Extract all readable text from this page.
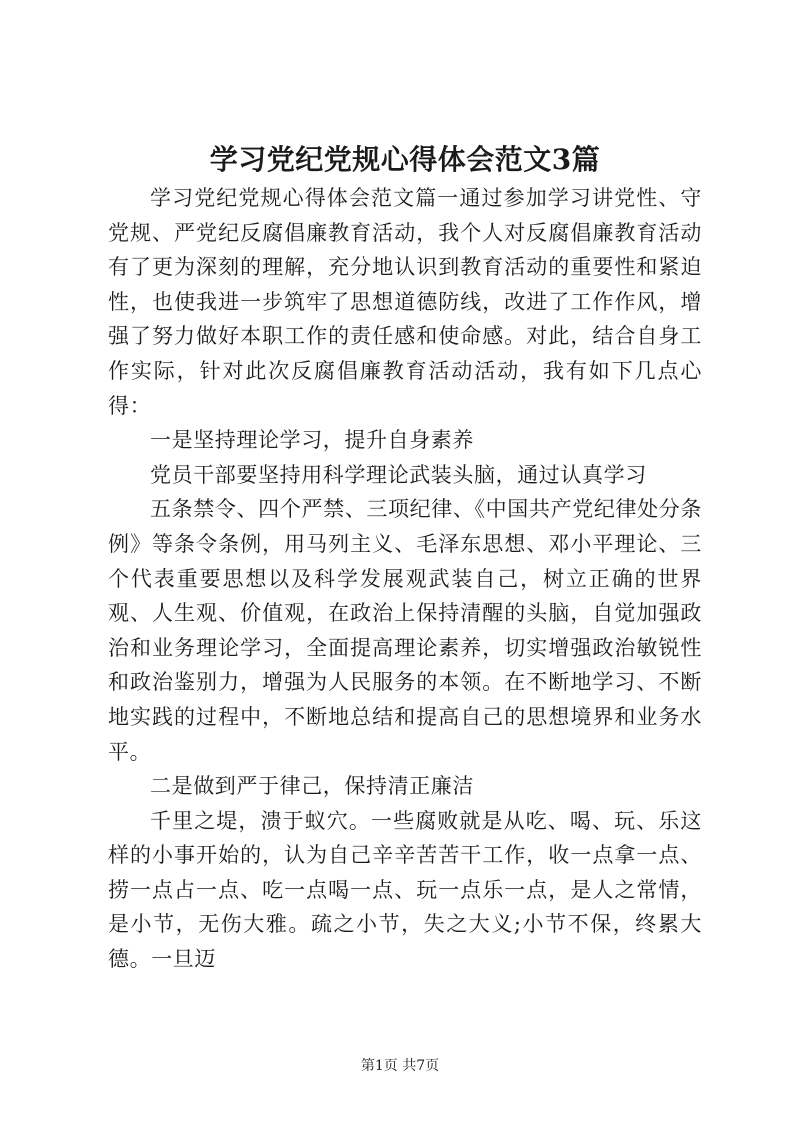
学习党纪党规心得体会范文3篇

学习党纪党规心得体会范文篇一通过参加学习讲党性、守党规、严党纪反腐倡廉教育活动，我个人对反腐倡廉教育活动有了更为深刻的理解，充分地认识到教育活动的重要性和紧迫性，也使我进一步筑牢了思想道德防线，改进了工作作风，增强了努力做好本职工作的责任感和使命感。对此，结合自身工作实际，针对此次反腐倡廉教育活动活动，我有如下几点心得：

一是坚持理论学习，提升自身素养

党员干部要坚持用科学理论武装头脑，通过认真学习

五条禁令、四个严禁、三项纪律、《中国共产党纪律处分条例》等条令条例，用马列主义、毛泽东思想、邓小平理论、三个代表重要思想以及科学发展观武装自己，树立正确的世界观、人生观、价值观，在政治上保持清醒的头脑，自觉加强政治和业务理论学习，全面提高理论素养，切实增强政治敏锐性和政治鉴别力，增强为人民服务的本领。在不断地学习、不断地实践的过程中，不断地总结和提高自己的思想境界和业务水平。

二是做到严于律己，保持清正廉洁

千里之堤，溃于蚁穴。一些腐败就是从吃、喝、玩、乐这样的小事开始的，认为自己辛辛苦苦干工作，收一点拿一点、捞一点占一点、吃一点喝一点、玩一点乐一点，是人之常情，是小节，无伤大雅。疏之小节，失之大义;小节不保，终累大德。一旦迈

第1页 共7页
